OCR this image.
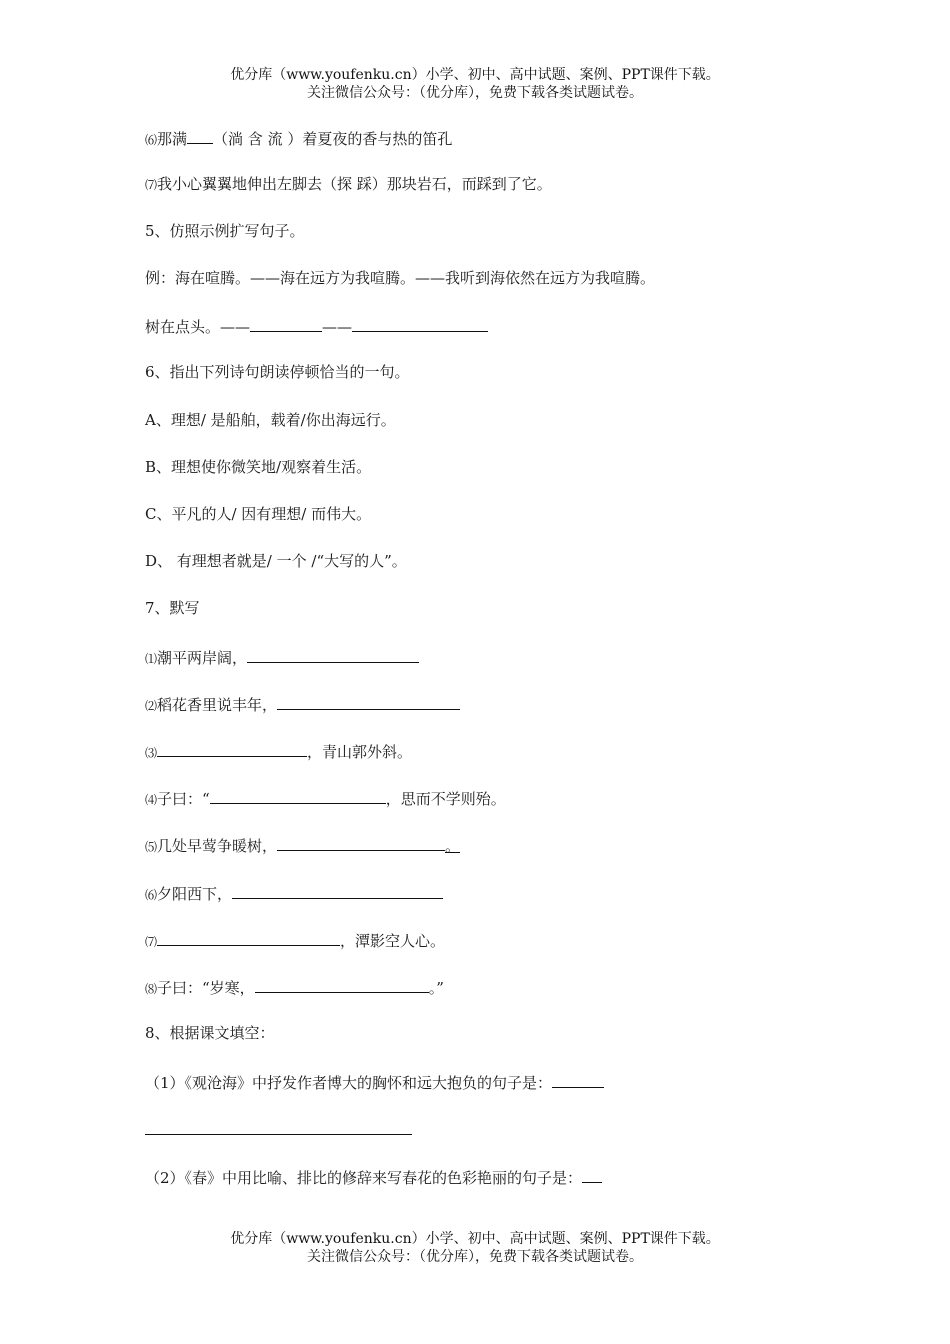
优分库（www.youfenku.cn）小学、初中、高中试题、案例、PPT课件下载。
关注微信公众号：（优分库），免费下载各类试题试卷。
⑹那满 （淌 含 流 ）着夏夜的香与热的笛孔
⑺我小心翼翼地伸出左脚去（探 踩）那块岩石，而踩到了它。
5、仿照示例扩写句子。
例：海在喧腾。——海在远方为我喧腾。——我听到海依然在远方为我喧腾。
树在点头。——	——
6、指出下列诗句朗读停顿恰当的一句。
A、理想/ 是船舶，载着/你出海远行。
B、理想使你微笑地/观察着生活。
C、平凡的人/ 因有理想/ 而伟大。
D、 有理想者就是/ 一个 /“大写的人”。
7、默写
⑴潮平两岸阔，
⑵稻花香里说丰年，
⑶	，青山郭外斜。
⑷子曰：“	，思而不学则殆。
⑸几处早莺争暖树，	。
⑹夕阳西下，
⑺	，潭影空人心。
⑻子曰：“岁寒，	。”
8、根据课文填空：
（1）《观沧海》中抒发作者博大的胸怀和远大抱负的句子是：
（2）《春》中用比喻、排比的修辞来写春花的色彩艳丽的句子是：
优分库（www.youfenku.cn）小学、初中、高中试题、案例、PPT课件下载。
关注微信公众号：（优分库），免费下载各类试题试卷。
